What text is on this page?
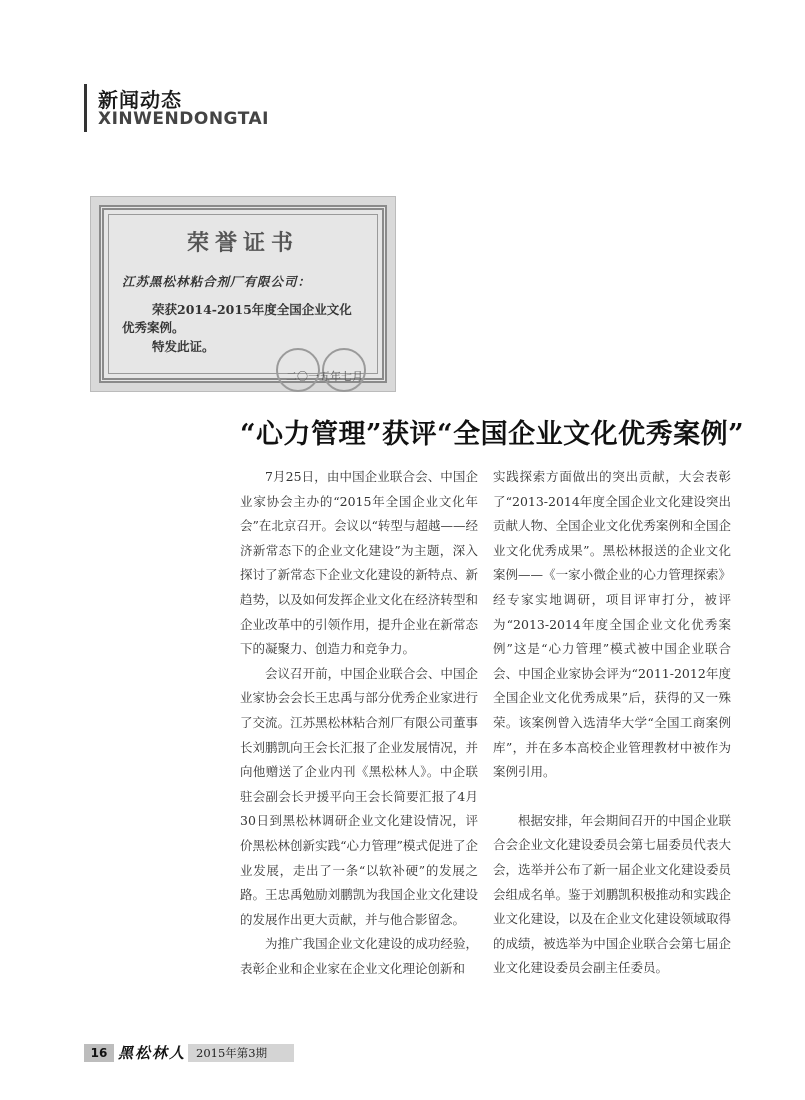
新闻动态
XINWENDONGTAI
荣誉证书
江苏黑松林粘合剂厂有限公司：
荣获2014-2015年度全国企业文化
优秀案例。
特发此证。
二〇一五年七月
“心力管理”获评“全国企业文化优秀案例”

7月25日，由中国企业联合会、中国企业家协会主办的“2015年全国企业文化年会”在北京召开。会议以“转型与超越——经济新常态下的企业文化建设”为主题，深入探讨了新常态下企业文化建设的新特点、新趋势，以及如何发挥企业文化在经济转型和企业改革中的引领作用，提升企业在新常态下的凝聚力、创造力和竞争力。

会议召开前，中国企业联合会、中国企业家协会会长王忠禹与部分优秀企业家进行了交流。江苏黑松林粘合剂厂有限公司董事长刘鹏凯向王会长汇报了企业发展情况，并向他赠送了企业内刊《黑松林人》。中企联驻会副会长尹援平向王会长简要汇报了4月30日到黑松林调研企业文化建设情况，评价黑松林创新实践“心力管理”模式促进了企业发展，走出了一条“以软补硬”的发展之路。王忠禹勉励刘鹏凯为我国企业文化建设的发展作出更大贡献，并与他合影留念。

为推广我国企业文化建设的成功经验，表彰企业和企业家在企业文化理论创新和

实践探索方面做出的突出贡献，大会表彰了“2013-2014年度全国企业文化建设突出贡献人物、全国企业文化优秀案例和全国企业文化优秀成果”。黑松林报送的企业文化案例——《一家小微企业的心力管理探索》经专家实地调研，项目评审打分，被评为“2013-2014年度全国企业文化优秀案例”这是“心力管理”模式被中国企业联合会、中国企业家协会评为“2011-2012年度全国企业文化优秀成果”后，获得的又一殊荣。该案例曾入选清华大学“全国工商案例库”，并在多本高校企业管理教材中被作为案例引用。

根据安排，年会期间召开的中国企业联合会企业文化建设委员会第七届委员代表大会，选举并公布了新一届企业文化建设委员会组成名单。鉴于刘鹏凯积极推动和实践企业文化建设，以及在企业文化建设领域取得的成绩，被选举为中国企业联合会第七届企业文化建设委员会副主任委员。

16 黑松林人 2015年第3期
